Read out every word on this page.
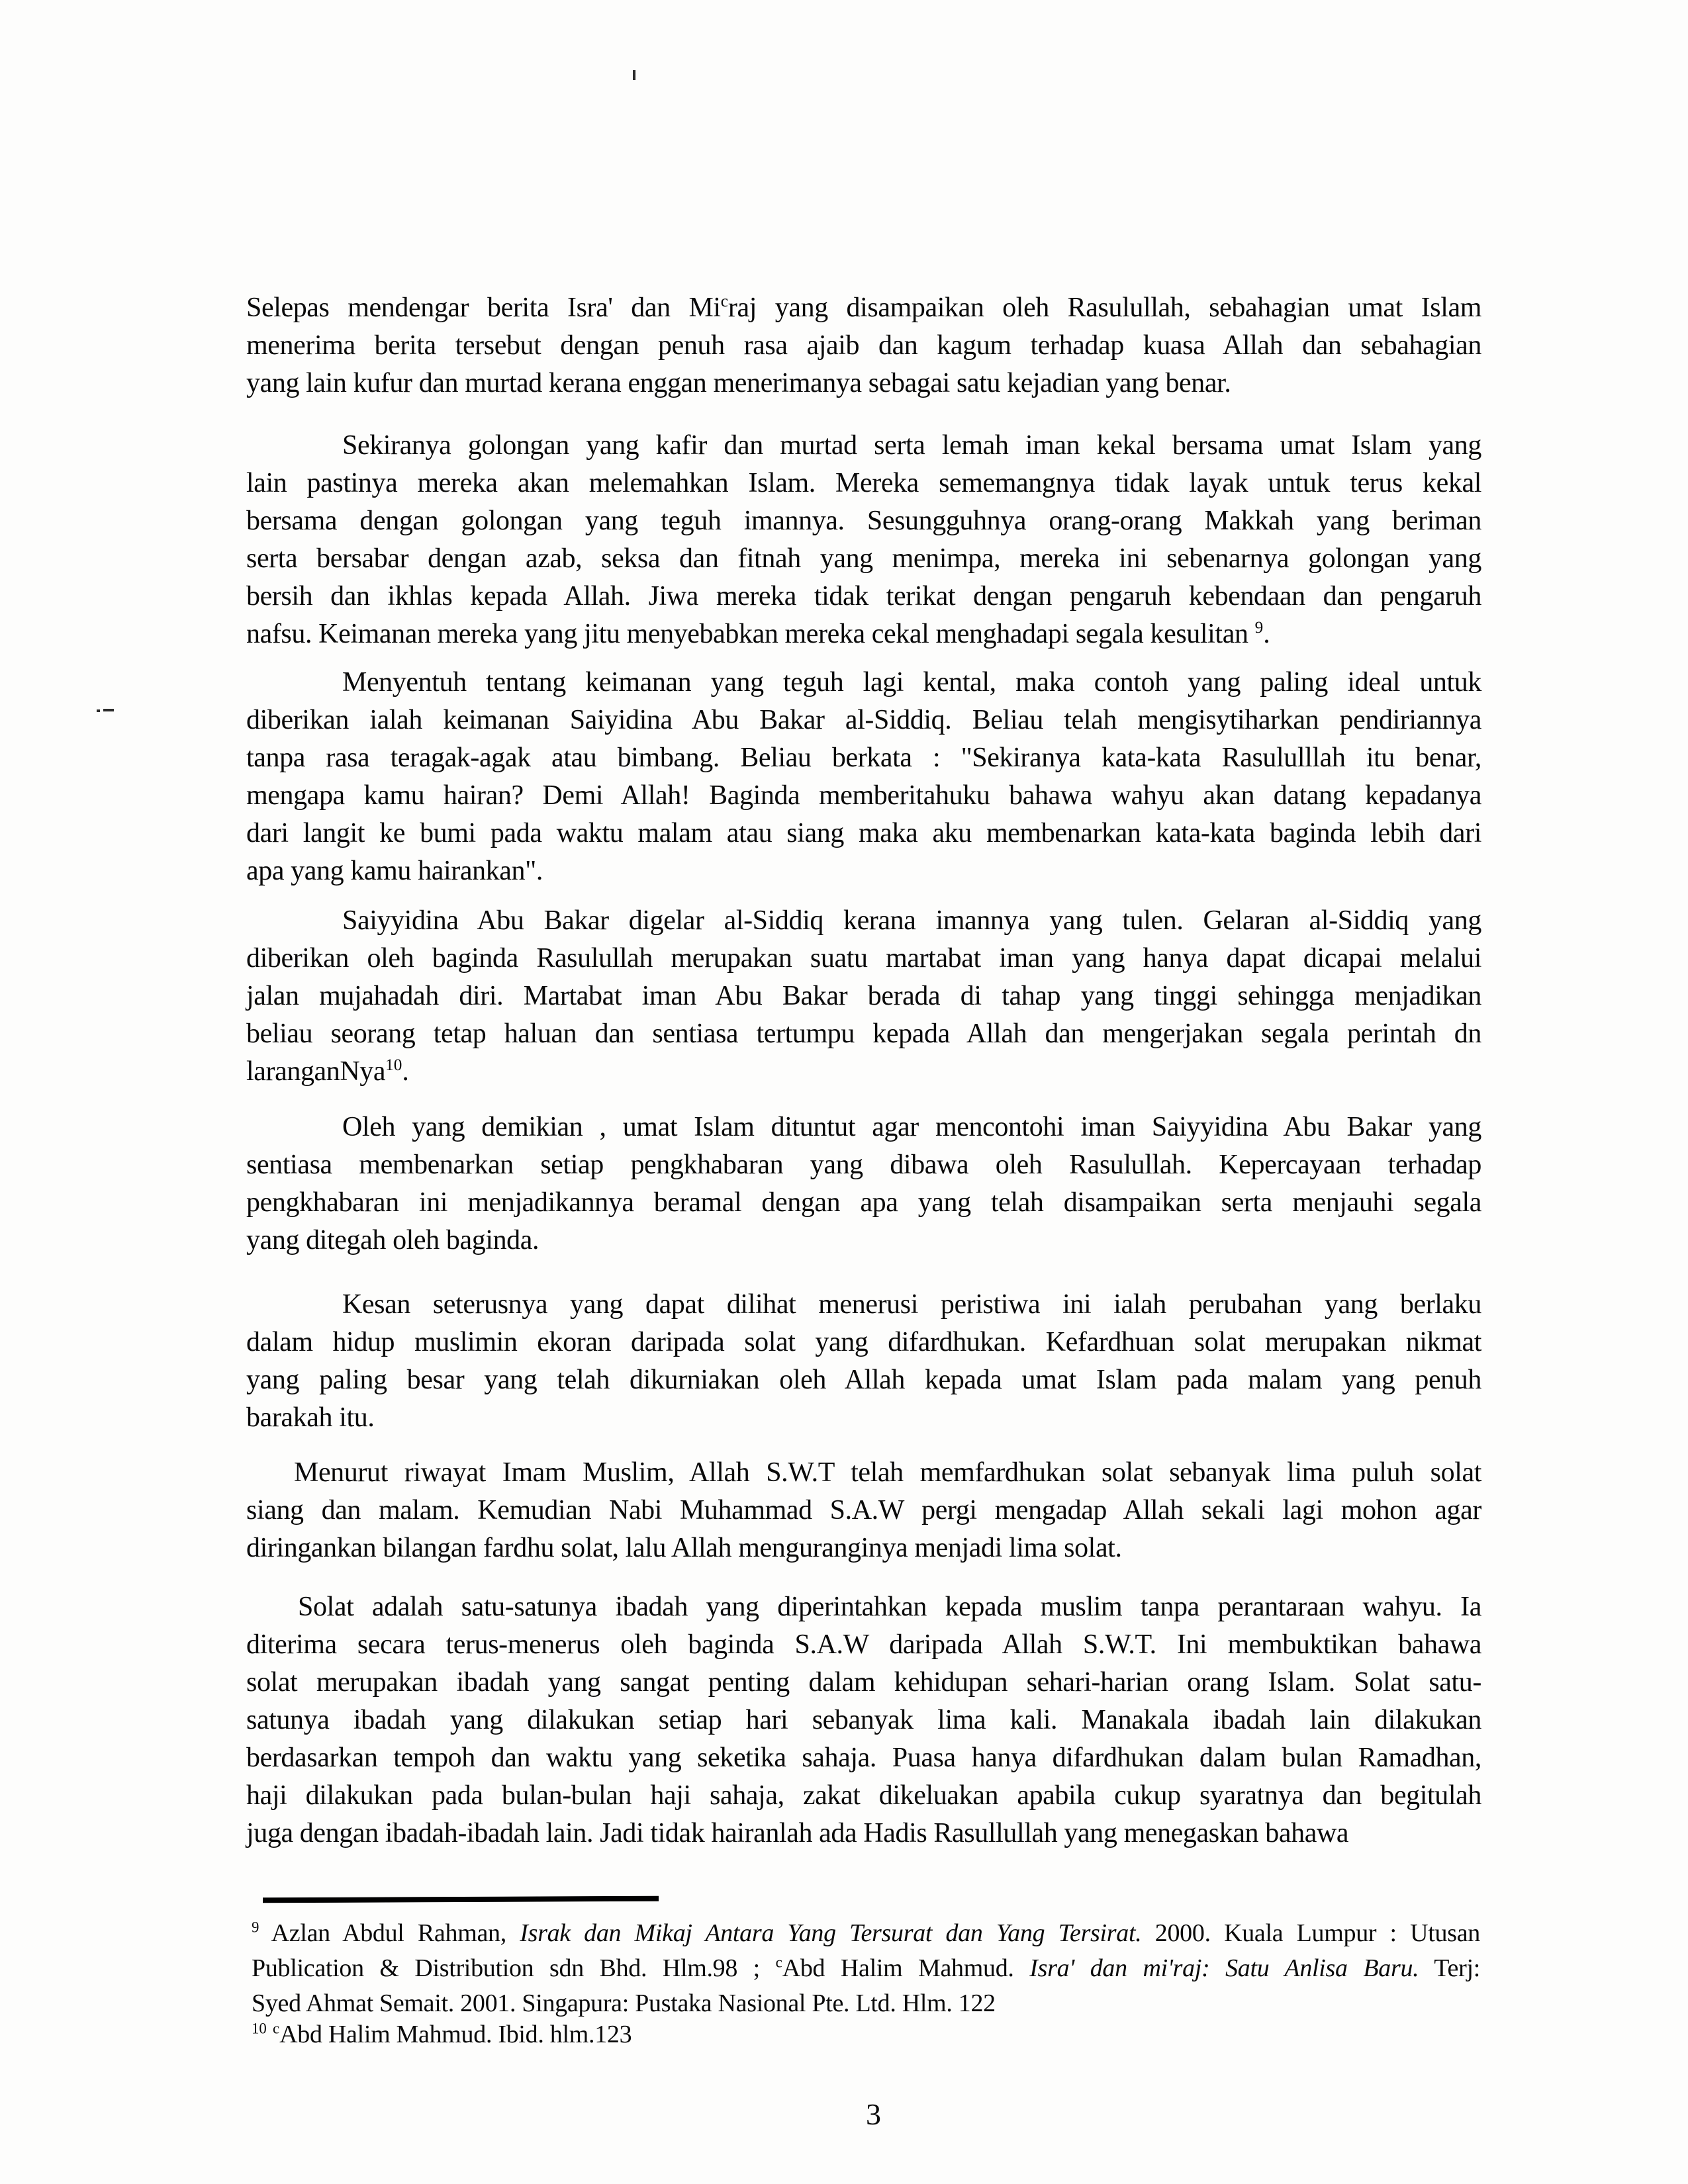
Selepas mendengar berita Isra' dan Mi$^c$raj yang disampaikan oleh Rasulullah, sebahagian umat Islam
menerima berita tersebut dengan penuh rasa ajaib dan kagum terhadap kuasa Allah dan sebahagian
yang lain kufur dan murtad kerana enggan menerimanya sebagai satu kejadian yang benar.
Sekiranya golongan yang kafir dan murtad serta lemah iman kekal bersama umat Islam yang
lain pastinya mereka akan melemahkan Islam. Mereka sememangnya tidak layak untuk terus kekal
bersama dengan golongan yang teguh imannya. Sesungguhnya orang-orang Makkah yang beriman
serta bersabar dengan azab, seksa dan fitnah yang menimpa, mereka ini sebenarnya golongan yang
bersih dan ikhlas kepada Allah. Jiwa mereka tidak terikat dengan pengaruh kebendaan dan pengaruh
nafsu. Keimanan mereka yang jitu menyebabkan mereka cekal menghadapi segala kesulitan $^9$.
Menyentuh tentang keimanan yang teguh lagi kental, maka contoh yang paling ideal untuk
diberikan ialah keimanan Saiyidina Abu Bakar al-Siddiq. Beliau telah mengisytiharkan pendiriannya
tanpa rasa teragak-agak atau bimbang. Beliau berkata : "Sekiranya kata-kata Rasululllah itu benar,
mengapa kamu hairan? Demi Allah! Baginda memberitahuku bahawa wahyu akan datang kepadanya
dari langit ke bumi pada waktu malam atau siang maka aku membenarkan kata-kata baginda lebih dari
apa yang kamu hairankan".
Saiyyidina Abu Bakar digelar al-Siddiq kerana imannya yang tulen. Gelaran al-Siddiq yang
diberikan oleh baginda Rasulullah merupakan suatu martabat iman yang hanya dapat dicapai melalui
jalan mujahadah diri. Martabat iman Abu Bakar berada di tahap yang tinggi sehingga menjadikan
beliau seorang tetap haluan dan sentiasa tertumpu kepada Allah dan mengerjakan segala perintah dn
laranganNya$^{10}$.
Oleh yang demikian , umat Islam dituntut agar mencontohi iman Saiyyidina Abu Bakar yang
sentiasa membenarkan setiap pengkhabaran yang dibawa oleh Rasulullah. Kepercayaan terhadap
pengkhabaran ini menjadikannya beramal dengan apa yang telah disampaikan serta menjauhi segala
yang ditegah oleh baginda.
Kesan seterusnya yang dapat dilihat menerusi peristiwa ini ialah perubahan yang berlaku
dalam hidup muslimin ekoran daripada solat yang difardhukan. Kefardhuan solat merupakan nikmat
yang paling besar yang telah dikurniakan oleh Allah kepada umat Islam pada malam yang penuh
barakah itu.
Menurut riwayat Imam Muslim, Allah S.W.T telah memfardhukan solat sebanyak lima puluh solat
siang dan malam. Kemudian Nabi Muhammad S.A.W pergi mengadap Allah sekali lagi mohon agar
diringankan bilangan fardhu solat, lalu Allah menguranginya menjadi lima solat.
Solat adalah satu-satunya ibadah yang diperintahkan kepada muslim tanpa perantaraan wahyu. Ia
diterima secara terus-menerus oleh baginda S.A.W daripada Allah S.W.T. Ini membuktikan bahawa
solat merupakan ibadah yang sangat penting dalam kehidupan sehari-harian orang Islam. Solat satu-
satunya ibadah yang dilakukan setiap hari sebanyak lima kali. Manakala ibadah lain dilakukan
berdasarkan tempoh dan waktu yang seketika sahaja. Puasa hanya difardhukan dalam bulan Ramadhan,
haji dilakukan pada bulan-bulan haji sahaja, zakat dikeluakan apabila cukup syaratnya dan begitulah
juga dengan ibadah-ibadah lain. Jadi tidak hairanlah ada Hadis Rasullullah yang menegaskan bahawa
$^9$ Azlan Abdul Rahman, Israk dan Mikaj Antara Yang Tersurat dan Yang Tersirat. 2000. Kuala Lumpur : Utusan
Publication & Distribution sdn Bhd. Hlm.98 ; $^c$Abd Halim Mahmud. Isra' dan mi'raj: Satu Anlisa Baru. Terj:
Syed Ahmat Semait. 2001. Singapura: Pustaka Nasional Pte. Ltd. Hlm. 122
$^{10}$ $^c$Abd Halim Mahmud. Ibid. hlm.123
3
